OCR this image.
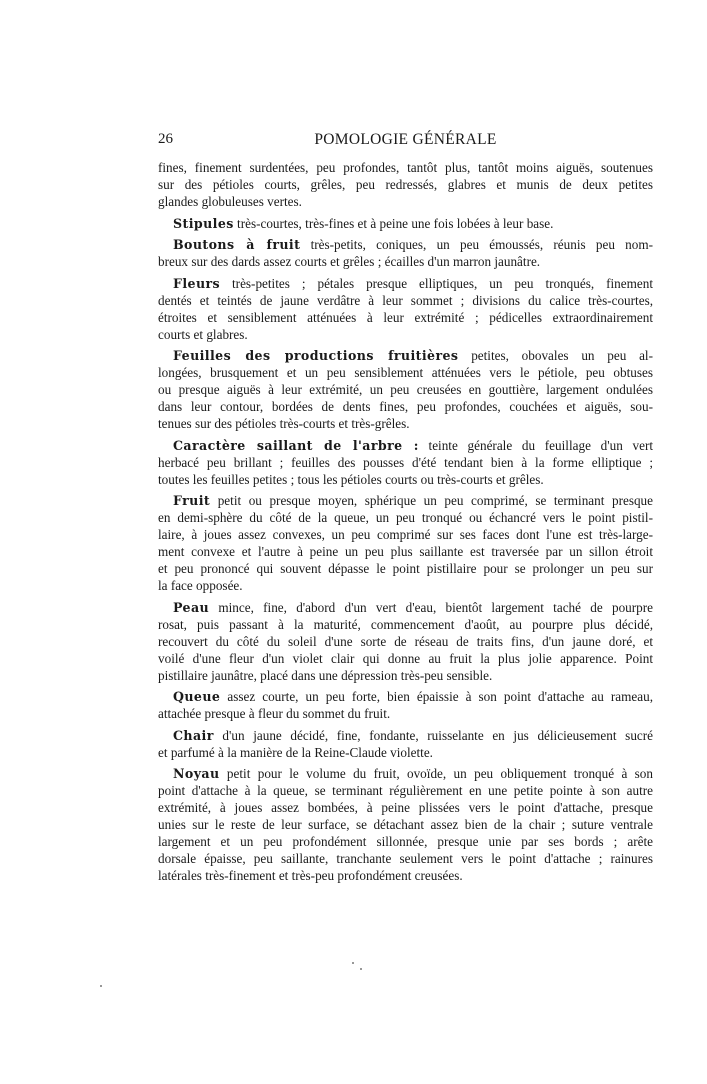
26	POMOLOGIE GÉNÉRALE
fines, finement surdentées, peu profondes, tantôt plus, tantôt moins aiguës, soutenues
sur des pétioles courts, grêles, peu redressés, glabres et munis de deux petites
glandes globuleuses vertes.
Stipules très-courtes, très-fines et à peine une fois lobées à leur base.
Boutons à fruit très-petits, coniques, un peu émoussés, réunis peu nom-
breux sur des dards assez courts et grêles ; écailles d'un marron jaunâtre.
Fleurs très-petites ; pétales presque elliptiques, un peu tronqués, finement
dentés et teintés de jaune verdâtre à leur sommet ; divisions du calice très-courtes,
étroites et sensiblement atténuées à leur extrémité ; pédicelles extraordinairement
courts et glabres.
Feuilles des productions fruitières petites, obovales un peu al-
longées, brusquement et un peu sensiblement atténuées vers le pétiole, peu obtuses
ou presque aiguës à leur extrémité, un peu creusées en gouttière, largement ondulées
dans leur contour, bordées de dents fines, peu profondes, couchées et aiguës, sou-
tenues sur des pétioles très-courts et très-grêles.
Caractère saillant de l'arbre : teinte générale du feuillage d'un vert
herbacé peu brillant ; feuilles des pousses d'été tendant bien à la forme elliptique ;
toutes les feuilles petites ; tous les pétioles courts ou très-courts et grêles.
Fruit petit ou presque moyen, sphérique un peu comprimé, se terminant presque
en demi-sphère du côté de la queue, un peu tronqué ou échancré vers le point pistil-
laire, à joues assez convexes, un peu comprimé sur ses faces dont l'une est très-large-
ment convexe et l'autre à peine un peu plus saillante est traversée par un sillon étroit
et peu prononcé qui souvent dépasse le point pistillaire pour se prolonger un peu sur
la face opposée.
Peau mince, fine, d'abord d'un vert d'eau, bientôt largement taché de pourpre
rosat, puis passant à la maturité, commencement d'août, au pourpre plus décidé,
recouvert du côté du soleil d'une sorte de réseau de traits fins, d'un jaune doré, et
voilé d'une fleur d'un violet clair qui donne au fruit la plus jolie apparence. Point
pistillaire jaunâtre, placé dans une dépression très-peu sensible.
Queue assez courte, un peu forte, bien épaissie à son point d'attache au rameau,
attachée presque à fleur du sommet du fruit.
Chair d'un jaune décidé, fine, fondante, ruisselante en jus délicieusement sucré
et parfumé à la manière de la Reine-Claude violette.
Noyau petit pour le volume du fruit, ovoïde, un peu obliquement tronqué à son
point d'attache à la queue, se terminant régulièrement en une petite pointe à son autre
extrémité, à joues assez bombées, à peine plissées vers le point d'attache, presque
unies sur le reste de leur surface, se détachant assez bien de la chair ; suture ventrale
largement et un peu profondément sillonnée, presque unie par ses bords ; arête
dorsale épaisse, peu saillante, tranchante seulement vers le point d'attache ; rainures
latérales très-finement et très-peu profondément creusées.
